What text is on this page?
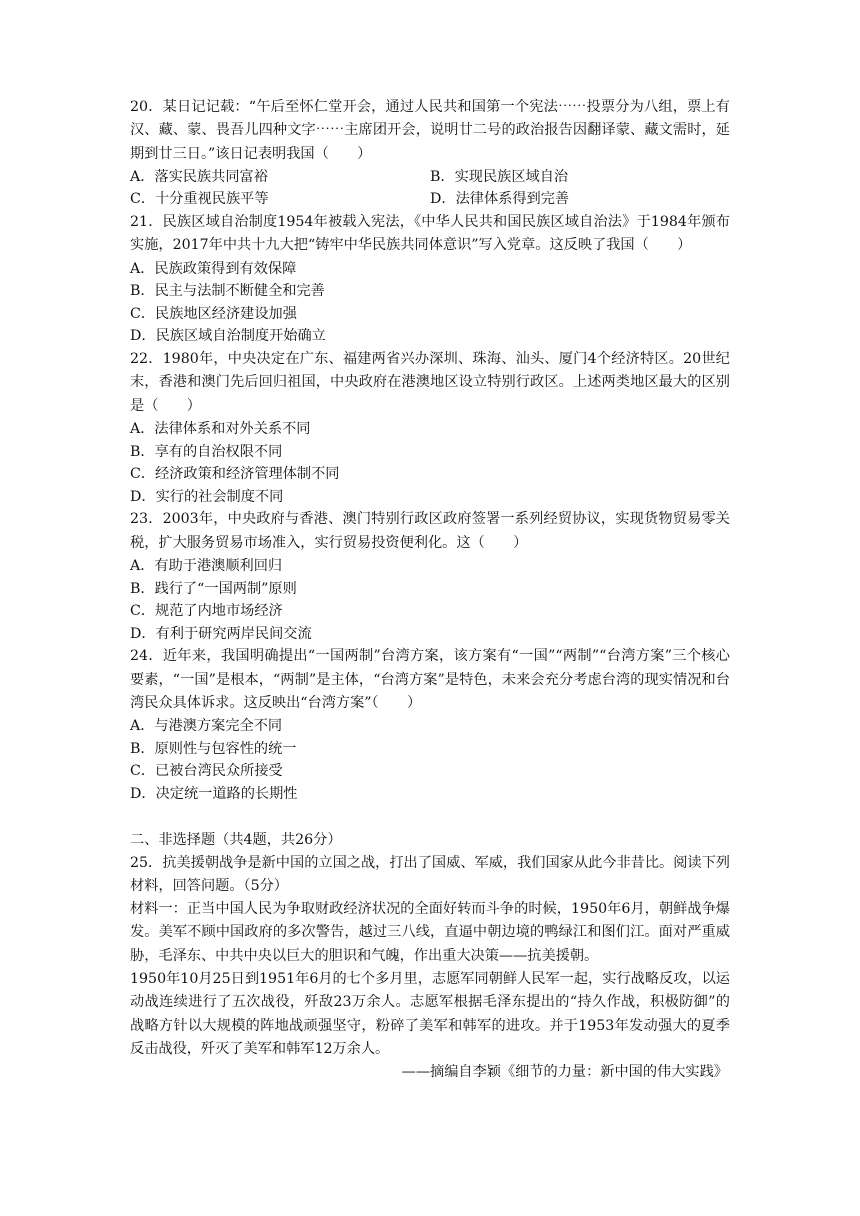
20．某日记记载：“午后至怀仁堂开会，通过人民共和国第一个宪法⋯⋯投票分为八组，票上有汉、藏、蒙、畏吾儿四种文字⋯⋯主席团开会，说明廿二号的政治报告因翻译蒙、藏文需时，延期到廿三日。”该日记表明我国（　　）

A．落实民族共同富裕	B．实现民族区域自治
C．十分重视民族平等	D．法律体系得到完善

21．民族区域自治制度1954年被载入宪法，《中华人民共和国民族区域自治法》于1984年颁布实施，2017年中共十九大把“铸牢中华民族共同体意识”写入党章。这反映了我国（　　）

A．民族政策得到有效保障

B．民主与法制不断健全和完善

C．民族地区经济建设加强

D．民族区域自治制度开始确立

22．1980年，中央决定在广东、福建两省兴办深圳、珠海、汕头、厦门4个经济特区。20世纪末，香港和澳门先后回归祖国，中央政府在港澳地区设立特别行政区。上述两类地区最大的区别是（　　）

A．法律体系和对外关系不同

B．享有的自治权限不同

C．经济政策和经济管理体制不同

D．实行的社会制度不同

23．2003年，中央政府与香港、澳门特别行政区政府签署一系列经贸协议，实现货物贸易零关税，扩大服务贸易市场准入，实行贸易投资便利化。这（　　）

A．有助于港澳顺利回归

B．践行了“一国两制”原则

C．规范了内地市场经济

D．有利于研究两岸民间交流

24．近年来，我国明确提出“一国两制”台湾方案，该方案有“一国”“两制”“台湾方案”三个核心要素，“一国”是根本，“两制”是主体，“台湾方案”是特色，未来会充分考虑台湾的现实情况和台湾民众具体诉求。这反映出“台湾方案”（　　）

A．与港澳方案完全不同

B．原则性与包容性的统一

C．已被台湾民众所接受

D．决定统一道路的长期性

二、非选择题（共4题，共26分）

25．抗美援朝战争是新中国的立国之战，打出了国威、军威，我们国家从此今非昔比。阅读下列材料，回答问题。（5分）

材料一：正当中国人民为争取财政经济状况的全面好转而斗争的时候，1950年6月，朝鲜战争爆发。美军不顾中国政府的多次警告，越过三八线，直逼中朝边境的鸭绿江和图们江。面对严重威胁，毛泽东、中共中央以巨大的胆识和气魄，作出重大决策——抗美援朝。

1950年10月25日到1951年6月的七个多月里，志愿军同朝鲜人民军一起，实行战略反攻，以运动战连续进行了五次战役，歼敌23万余人。志愿军根据毛泽东提出的“持久作战，积极防御”的战略方针以大规模的阵地战顽强坚守，粉碎了美军和韩军的进攻。并于1953年发动强大的夏季反击战役，歼灭了美军和韩军12万余人。

——摘编自李颖《细节的力量：新中国的伟大实践》
